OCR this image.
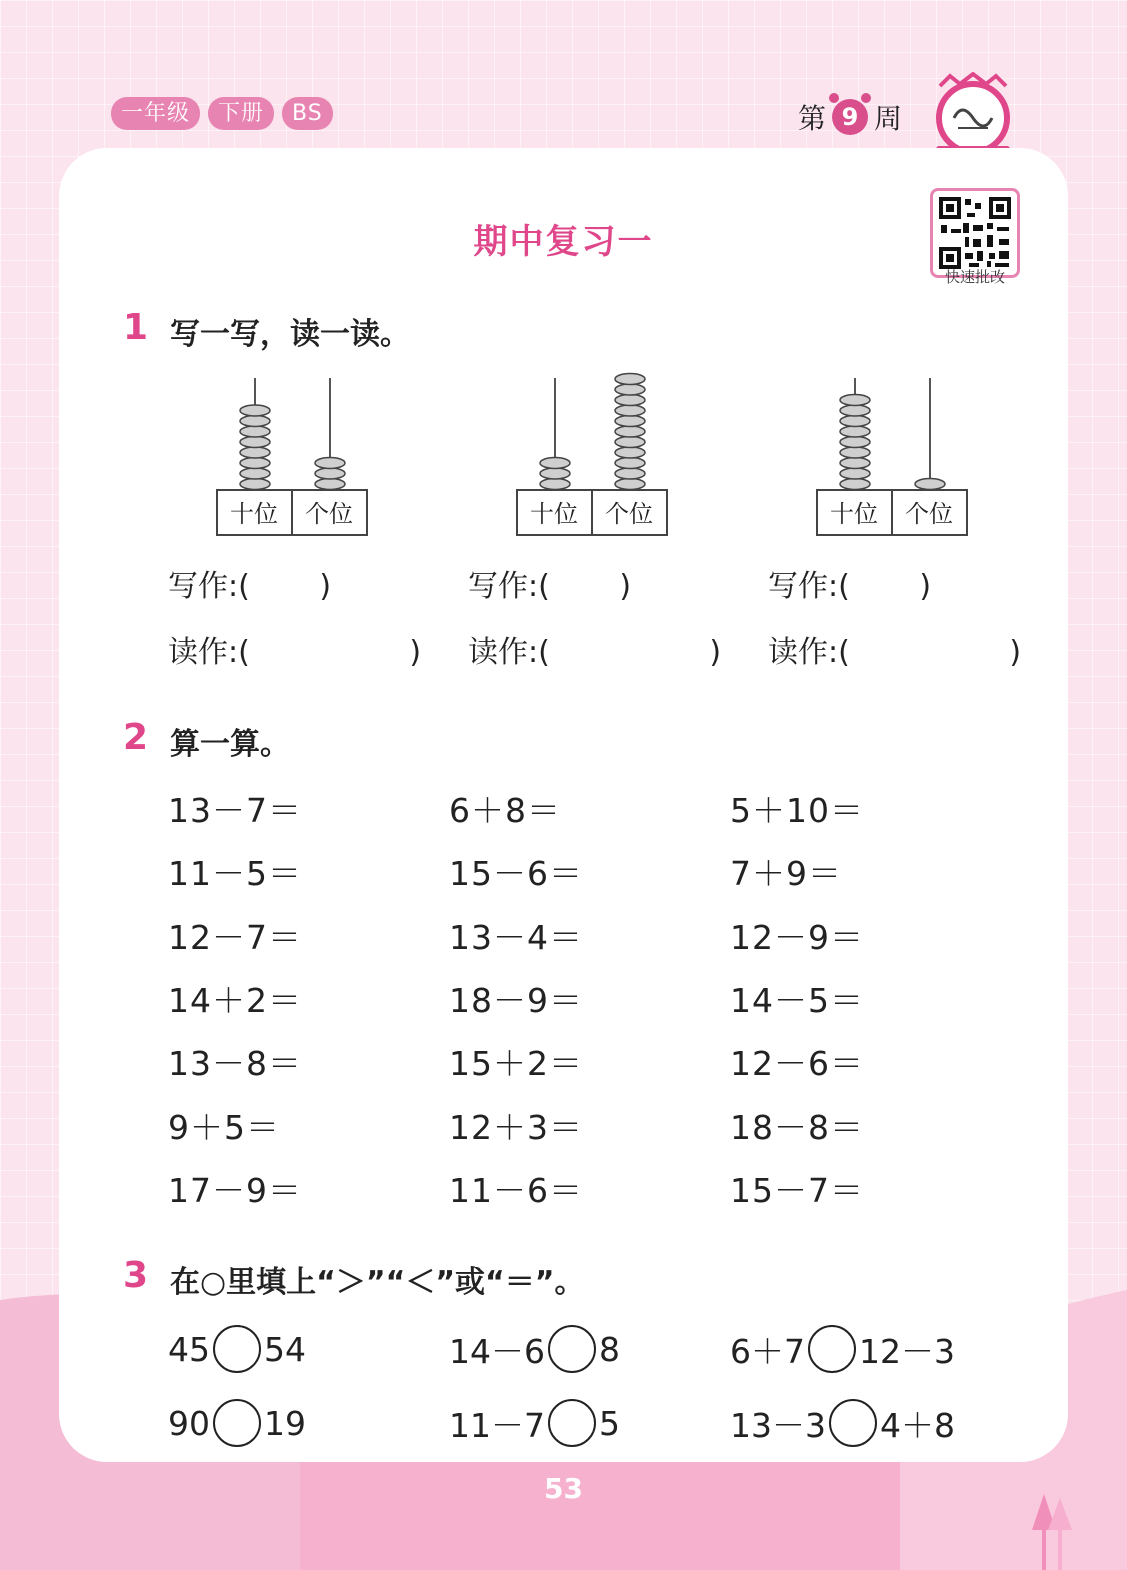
一年级	下册	BS	第 9 周
快速批改
期中复习一
1 写一写，读一读。
十位 个位	十位 个位	十位 个位
写作:(　　 )	写作:(　　 )	写作:(　　 )
读作:(　　　　　 ) 读作:(　　　　　 ) 读作:(　　　　　 )
2 算一算。
13－7＝	6＋8＝	5＋10＝
11－5＝	15－6＝	7＋9＝
12－7＝	13－4＝	12－9＝
14＋2＝	18－9＝	14－5＝
13－8＝	15＋2＝	12－6＝
9＋5＝	12＋3＝	18－8＝
17－9＝	11－6＝	15－7＝
3 在○里填上“＞”“＜”或“＝”。
45 54	14－6 8	6＋7 12－3
90 19	11－7 5	13－3 4＋8
53
